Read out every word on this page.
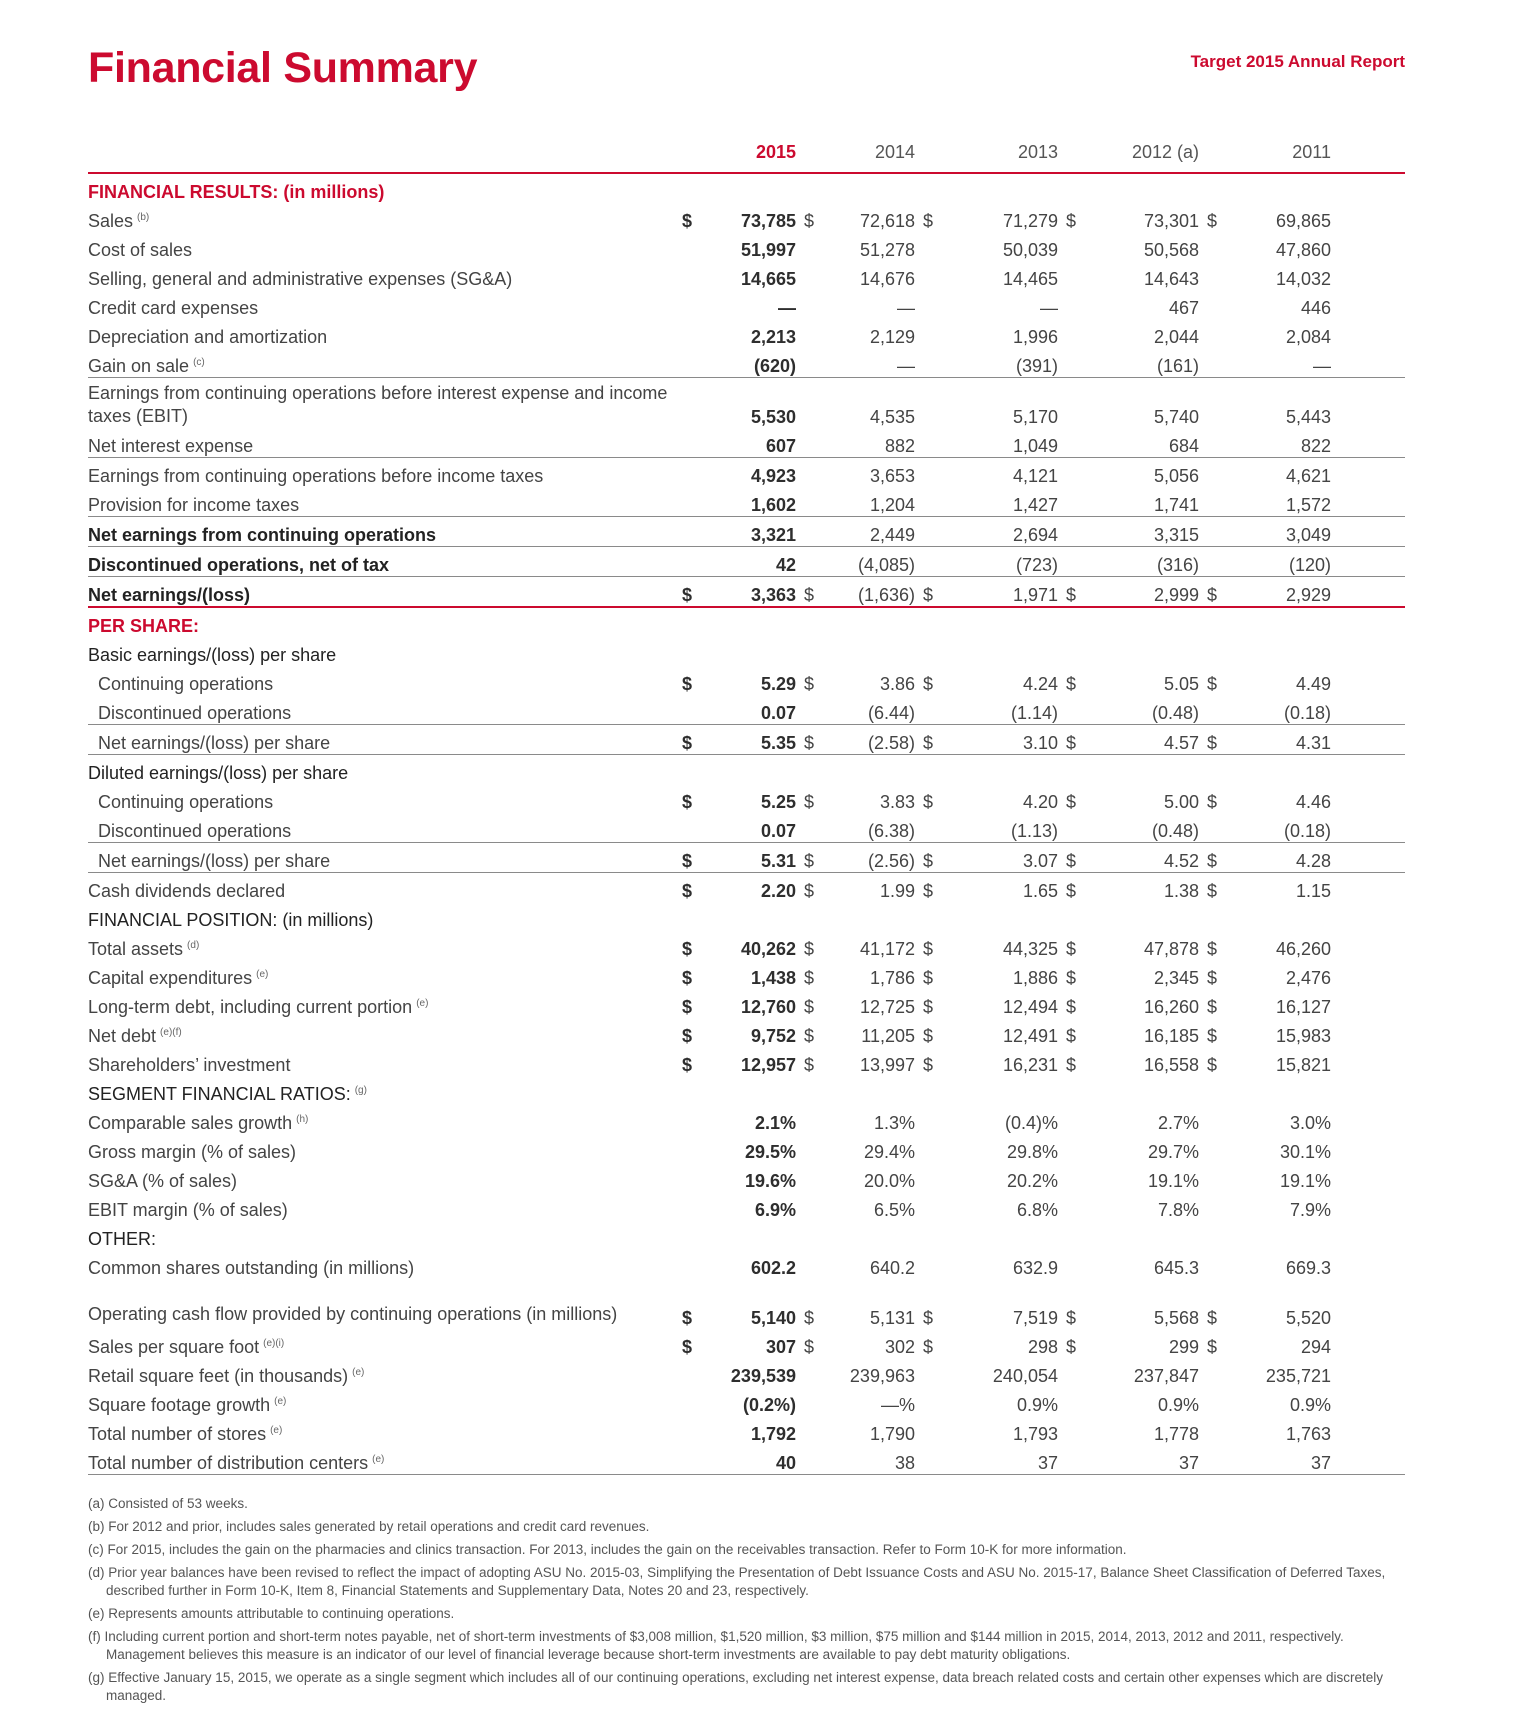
Financial Summary	Target 2015 Annual Report
		2015		2014		2013		2012 (a)		2011	
FINANCIAL RESULTS: (in millions)											
Sales $^{(b)}$	$	73,785	$	72,618	$	71,279	$	73,301	$	69,865	
Cost of sales		51,997		51,278		50,039		50,568		47,860	
Selling, general and administrative expenses (SG&A)		14,665		14,676		14,465		14,643		14,032	
Credit card expenses		—		—		—		467		446	
Depreciation and amortization		2,213		2,129		1,996		2,044		2,084	
Gain on sale $^{(c)}$		(620)		—		(391)		(161)		—	
Earnings from continuing operations before interest expense and income taxes (EBIT)		5,530		4,535		5,170		5,740		5,443	
Net interest expense		607		882		1,049		684		822	
Earnings from continuing operations before income taxes		4,923		3,653		4,121		5,056		4,621	
Provision for income taxes		1,602		1,204		1,427		1,741		1,572	
Net earnings from continuing operations		3,321		2,449		2,694		3,315		3,049	
Discontinued operations, net of tax		42		(4,085)		(723)		(316)		(120)	
Net earnings/(loss)	$	3,363	$	(1,636)	$	1,971	$	2,999	$	2,929	
PER SHARE:											
Basic earnings/(loss) per share											
Continuing operations	$	5.29	$	3.86	$	4.24	$	5.05	$	4.49	
Discontinued operations		0.07		(6.44)		(1.14)		(0.48)		(0.18)	
Net earnings/(loss) per share	$	5.35	$	(2.58)	$	3.10	$	4.57	$	4.31	
Diluted earnings/(loss) per share											
Continuing operations	$	5.25	$	3.83	$	4.20	$	5.00	$	4.46	
Discontinued operations		0.07		(6.38)		(1.13)		(0.48)		(0.18)	
Net earnings/(loss) per share	$	5.31	$	(2.56)	$	3.07	$	4.52	$	4.28	
Cash dividends declared	$	2.20	$	1.99	$	1.65	$	1.38	$	1.15	
FINANCIAL POSITION: (in millions)											
Total assets $^{(d)}$	$	40,262	$	41,172	$	44,325	$	47,878	$	46,260	
Capital expenditures $^{(e)}$	$	1,438	$	1,786	$	1,886	$	2,345	$	2,476	
Long-term debt, including current portion $^{(e)}$	$	12,760	$	12,725	$	12,494	$	16,260	$	16,127	
Net debt $^{(e)(f)}$	$	9,752	$	11,205	$	12,491	$	16,185	$	15,983	
Shareholders’ investment	$	12,957	$	13,997	$	16,231	$	16,558	$	15,821	
SEGMENT FINANCIAL RATIOS: $^{(g)}$											
Comparable sales growth $^{(h)}$		2.1%		1.3%		(0.4)%		2.7%		3.0%	
Gross margin (% of sales)		29.5%		29.4%		29.8%		29.7%		30.1%	
SG&A (% of sales)		19.6%		20.0%		20.2%		19.1%		19.1%	
EBIT margin (% of sales)		6.9%		6.5%		6.8%		7.8%		7.9%	
OTHER:											
Common shares outstanding (in millions)		602.2		640.2		632.9		645.3		669.3	
Operating cash flow provided by continuing operations (in millions)	$	5,140	$	5,131	$	7,519	$	5,568	$	5,520	
Sales per square foot $^{(e)(i)}$	$	307	$	302	$	298	$	299	$	294	
Retail square feet (in thousands) $^{(e)}$		239,539		239,963		240,054		237,847		235,721	
Square footage growth $^{(e)}$		(0.2%)		—%		0.9%		0.9%		0.9%	
Total number of stores $^{(e)}$		1,792		1,790		1,793		1,778		1,763	
Total number of distribution centers $^{(e)}$		40		38		37		37		37	

(a) Consisted of 53 weeks.

(b) For 2012 and prior, includes sales generated by retail operations and credit card revenues.

(c) For 2015, includes the gain on the pharmacies and clinics transaction. For 2013, includes the gain on the receivables transaction. Refer to Form 10-K for more information.

(d) Prior year balances have been revised to reflect the impact of adopting ASU No. 2015-03, Simplifying the Presentation of Debt Issuance Costs and ASU No. 2015-17, Balance Sheet Classification of Deferred Taxes, described further in Form 10-K, Item 8, Financial Statements and Supplementary Data, Notes 20 and 23, respectively.

(e) Represents amounts attributable to continuing operations.

(f) Including current portion and short-term notes payable, net of short-term investments of $3,008 million, $1,520 million, $3 million, $75 million and $144 million in 2015, 2014, 2013, 2012 and 2011, respectively. Management believes this measure is an indicator of our level of financial leverage because short-term investments are available to pay debt maturity obligations.

(g) Effective January 15, 2015, we operate as a single segment which includes all of our continuing operations, excluding net interest expense, data breach related costs and certain other expenses which are discretely managed.
